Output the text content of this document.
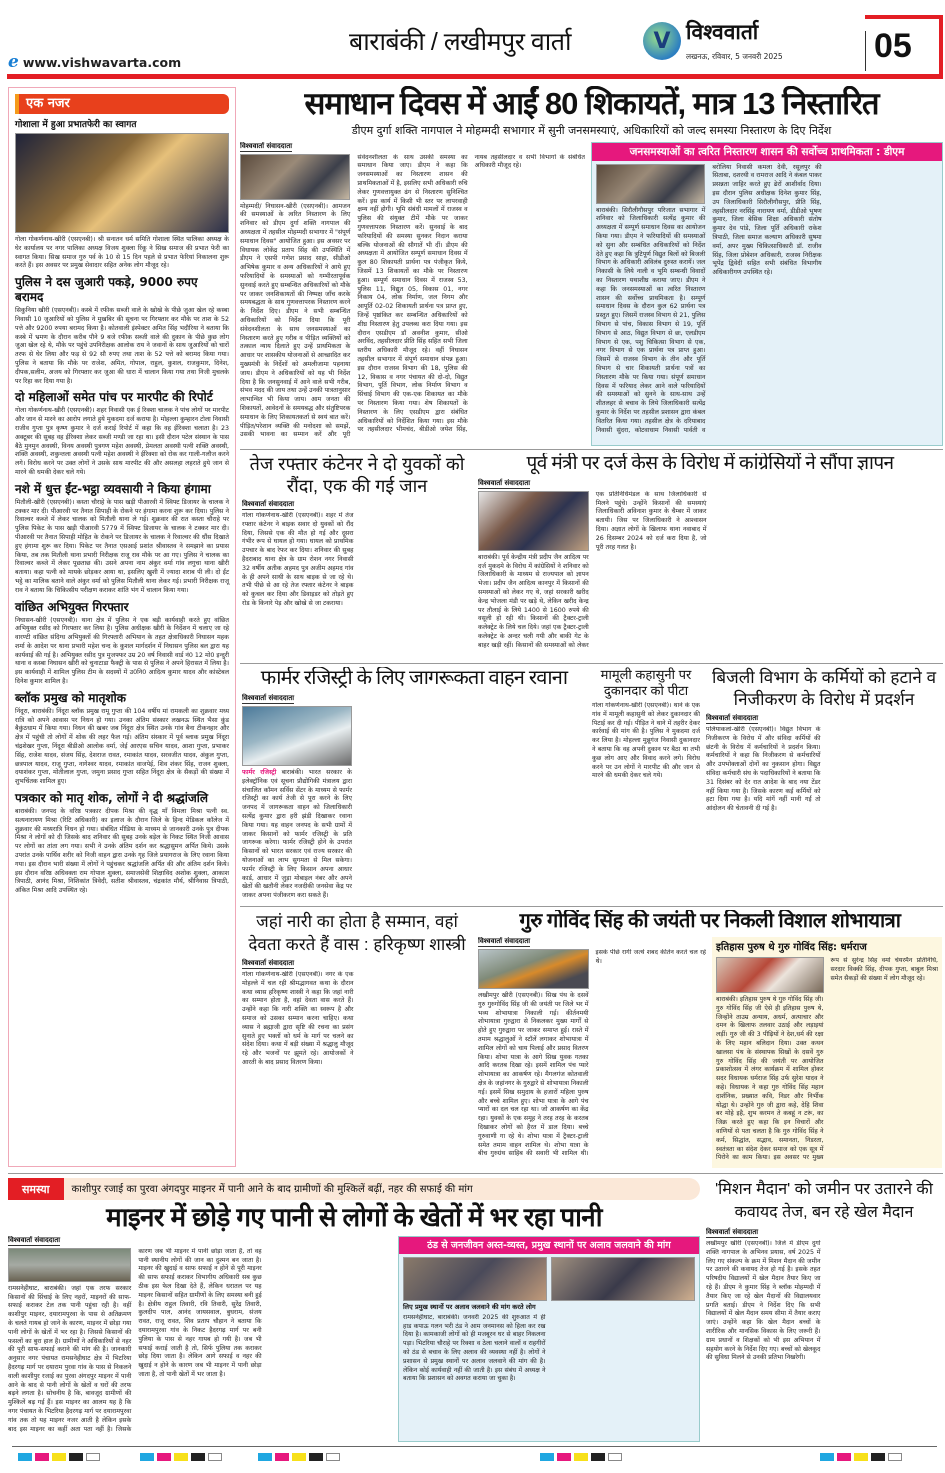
e www.vishwavarta.com
बाराबंकी / लखीमपुर वार्ता	V विश्ववार्ता
लखनऊ, रविवार, 5 जनवरी 2025	05
एक नजर
गोशाला में हुआ प्रभातफेरी का स्वागत
गोला गोकर्णनाथ-खीरी (एसएनबी)। श्री सनातन धर्म समिति गोशाला स्थित पालिका अध्यक्ष के घेर कार्यालय पर नगर पालिका अध्यक्ष विजय शुक्ला रिंकू ने सिख समाज की प्रभात फेरी का स्वागत किया। सिख समाज गुरु पर्व के 10 से 15 दिन पहले से प्रभात फेरियां निकालना शुरू करते हैं। इस अवसर पर प्रमुख सेवादार सहित अनेक लोग मौजूद रहे।
पुलिस ने दस जुआरी पकड़े, 9000 रुपए बरामद
सिकुनिया खीरी (एसएनबी)। कस्बे में रफीक सब्जी वाले के खोखे के पीछे जुआ खेल रहे कस्बा निवासी 10 जुआरियों को पुलिस ने मुखबिर की सूचना पर गिरफ्तार कर मौके पर ताश के 52 पत्ते और 9200 रुपया बरामद किया है। कोतवाली इंस्पेक्टर अमित सिंह भदौरिया ने बताया कि कस्बे में भ्रमण के दौरान करीब पौने 9 बजे रफीक सब्जी वाले की दुकान के पीछे कुछ लोग जुआ खेल रहे थे, मौके पर पहुंचे उपनिरीक्षक आलोक राय ने जवानों के साथ जुआरियों को चारों तरफ से घेर लिया और फड़ से 92 सौ रुपए तथा ताश के 52 पत्ते को बरामद किया गया। पुलिस ने बताया कि मौके पर राजेश, अमित, गोपाल, राहुल, कुशल, राजकुमार, दिनेश, दीपक,सलीम, अजय को गिरफ्तार कर जुआ की धारा में चालान किया गया तथा निजी मुचलके पर रिहा कर दिया गया है।
दो महिलाओं समेत पांच पर मारपीट की रिपोर्ट
गोला गोकर्णनाथ-खीरी (एसएनबी)। शहर निवासी एक ई रिक्शा चालक ने पांच लोगों पर मारपीट और जान से मारने का आरोप लगाते हुये मुकदमा दर्ज कराया है। मोहल्ला कुम्हारन टोला निवासी राजीव गुप्ता पुत्र कृष्ण कुमार ने दर्ज कराई रिपोर्ट में कहा कि वह ईरिक्शा चलाता है। 23 अक्टूबर की सुबह वह ईरिक्शा लेकर सब्जी मण्डी जा रहा था। इसी दौरान पटेल संस्थान के पास बैठे मुनमुन अवस्थी, विनय अवस्थी पुत्रगण महेश अवस्थी, प्रेमलता अवस्थी पत्नी शक्ति अवस्थी, शक्ति अवस्थी, शकुन्तला अवस्थी पत्नी महेश अवस्थी ने ईरिक्शा को रोक कर गाली-गलौज करने लगे। विरोध करने पर उक्त लोगों ने उसके साथ मारपीट की और असलहा लहराते हुये जान से मारने की धमकी देकर चले गये।
नशे में धुत्त ईंट-भट्ठा व्यवसायी ने किया हंगामा
मितौली-खीरी (एसएनबी)। कस्ता चौराहे के पास खड़ी पीआरवी में स्विफ्ट डिजायर के चालक ने टक्कर मार दी। पीआरवी पर तैनात सिपाही के रोकने पर हंगामा करना शुरू कर दिया। पुलिस ने रिवाल्वर कब्जे में लेकर चालक को मितौली थाना ले गई। शुक्रवार की रात कस्ता चौराहे पर पुलिस पिकेट के पास खड़ी पीआरवी 5779 में स्विफ्ट डिजायर के चालक ने टक्कर मार दी। पीआरवी पर तैनात सिपाही मोहित के रोकने पर डिजायर के चालक ने रिवाल्वर की धौंस दिखाते हुए हंगामा शुरू कर दिया। पिकेट पर तैनात एसआई प्रशांत श्रीवास्तव ने समझाने का प्रयास किया, तब तक मितौली थाना प्रभारी निरीक्षक राजू राव मौके पर आ गए। पुलिस ने चालक का रिवाल्वर कब्जे में लेकर पूछताछ की। उसने अपना नाम अंकुर वर्मा गांव लगुचा थाना खीरी बताया। कहा पत्नी को मायके छोड़कर आया था, इसलिए खुशी में ज्यादा शराब पी ली। दो ईंट भट्ठे का मालिक बताने वाले अंकुर वर्मा को पुलिस मितौली थाना लेकर गई। प्रभारी निरीक्षक राजू राव ने बताया कि चिकित्सीय परीक्षण कराकर शांति भंग में चालान किया गया।
वांछित अभियुक्त गिरफ्तार
निघासन-खीरी (एसएनबी)। थाना क्षेत्र में पुलिस ने एक बड़ी कार्यवाही करते हुए वांछित अभियुक्त रसीद को गिरफ्तार कर लिया है। पुलिस अधीक्षक खीरी के निर्देशन में चलाए जा रहे वारण्टी वांछित संदिग्ध अभियुक्तों की गिरफ्तारी अभियान के तहत क्षेत्राधिकारी निघासन महक शर्मा के आदेश पर थाना प्रभारी महेश चन्द के कुशल मार्गदर्शन में निघासन पुलिस बल द्वारा यह कार्यवाई की गई है। अभियुक्त रसीद पुत्र मुजफ्फर उम्र 20 वर्ष निवासी वार्ड नं0 12 मो0 इन्दुरी थाना व कस्बा निघासन खीरी को चुनाटाडा फैक्ट्री के पास से पुलिस ने अपने हिरासत में लिया है। इस कार्यवाही में शामिल पुलिस टीम के सदस्यों में उ0नि0 आदित्य कुमार यादव और कांस्टेबल दिनेश कुमार शामिल है।
ब्लॉक प्रमुख को मातृशोक
निंदूरा, बाराबंकी। निंदूरा ब्लॉक प्रमुख रामू गुप्ता की 104 वर्षीय मां रामकली का शुक्रवार मध्य रात्रि को अपने आवास पर निधन हो गया। उनका अंतिम संस्कार लखनऊ स्थित भैसा कुंड बैकुंठधाम में किया गया। निधन की खबर जब निंदूरा क्षेत्र स्थित उनके गांव बैना टीकनहार और क्षेत्र में पहुंची तो लोगों में शोक की लहर फैल गई। अंतिम संस्कार में पूर्व ब्लाक प्रमुख निंदूरा चंद्रशेखर गुप्ता, निंदूरा बीडीओ आलोक वर्मा, जेई आरएस सचिन यादव, आशा गुप्ता, प्रभाकर सिंह, राजेश यादव, संजय सिंह, देशराज रावत, रमाकांत यादव, सरवजीत यादव, अंकुल गुप्ता, छत्रपाल यादव, राजू गुप्ता, नागेश्वर यादव, रमाकांत वाजपेई, शिव शंकर सिंह, राजन शुक्ला, दयाशंकर गुप्ता, मोतीलाल गुप्ता, जमुना प्रसाद गुप्ता सहित निंदूरा क्षेत्र के सैकड़ों की संख्या में शुभचिंतक शामिल हुए।
पत्रकार को मातृ शोक, लोगों ने दी श्रद्धांजलि
बाराबंकी। जनपद के वरिष्ठ पत्रकार दीपक मिश्रा की वृद्ध माँ विमला मिश्रा पत्नी स्व. सत्यनारायण मिश्रा (रिटि अधिकारी) का इलाज के दौरान जिले के हिन्द मेडिकल कॉलेज में शुक्रवार की मध्यरात्रि निधन हो गया। संबंधित मीडिया के माध्यम से जानकारी उनके पुत्र दीपक मिश्रा ने लोगों को दी जिसके बाद शनिवार की सुबह उनके बड़ेल के निकट स्थित निजी आवास पर लोगों का तांता लग गया। सभी ने उनके अंतिम दर्शन कर श्रद्धासुमन अर्पित किये। उसके उपरांत उनके पार्थिव शरीर को निजी वाहन द्वारा उनके गृह जिले प्रयागराज के लिए रवाना किया गया। इस दौरान भारी संख्या में लोगों ने पहुंचकर श्रद्धांजलि अर्पित की और अंतिम दर्शन किये। इस दौरान वरिष्ठ अधिवक्ता राम गोपाल शुक्ला, समाजसेवी शिक्षाविद अशोक शुक्ला, आकाश त्रिपाठी, आनंद मिश्रा, निशिकांत त्रिवेदी, सतीश श्रीवास्तव, चंद्रकांत मौर्य, श्रीनिवास त्रिपाठी, अंकित मिश्रा आदि उपस्थित रहे।
समाधान दिवस में आईं 80 शिकायतें, मात्र 13 निस्तारित
डीएम दुर्गा शक्ति नागपाल ने मोहम्मदी सभागार में सुनी जनसमस्याएं, अधिकारियों को जल्द समस्या निस्तारण के दिए निर्देश
विश्ववार्ता संवाददाता
मोहम्मदी/ निघासन-खीरी (एसएनबी)। आमजन की समस्याओं के त्वरित निस्तारण के लिए शनिवार को डीएम दुर्गा शक्ति नागपाल की अध्यक्षता में तहसील मोहम्मदी सभागार में "संपूर्ण समाधान दिवस" आयोजित हुआ। इस अवसर पर विधायक लोकेंद्र प्रताप सिंह की उपस्थिति में डीएम ने एसपी गणेश प्रसाद साहा, सीडीओ अभिषेक कुमार व अन्य अधिकारियों ने आये हुए फरियादियों के समस्याओं को गम्भीरतापूर्वक सुनवाई करते हुए सम्बन्धित अधिकारियों को मौके पर जाकर जनशिकायतों की निष्पक्ष जाँच करके समयबद्धता के साथ गुणवत्तापरक निस्तारण करने के निर्देश दिए। डीएम ने सभी सम्बन्धित अधिकारियों को निर्देश दिया कि पूरी संवेदनशीलता के साथ जनसमस्याओं का निस्तारण करते हुए गरीब व पीड़ित व्यक्तियों को तत्काल न्याय दिलाते हुए उन्हें प्राथमिकता के आधार पर शासकीय योजनाओं से आच्छादित कर मुख्यमंत्री के निर्देशों को अमलीजामा पहनाया जाय। डीएम ने अधिकारियों को यह भी निर्देश दिया है कि जनसुनवाई में आने वाले सभी गरीब, संभव मदद की जाय तथा उन्हें उनकी पात्रतानुसार लाभान्वित भी किया जाय। आम जनता की शिकायतों, आवेदनों के समयबद्ध और संतुष्टिपरक समाधान के लिए शिकायतकर्ता से स्वयं बात करें। पीड़ित/परेशान व्यक्ति की मनोदशा को समझें, उसकी भावना का सम्मान करें और पूरी संवेदनशीलता के साथ उसकी समस्या का समाधान किया जाए। डीएम ने कहा कि जनसमस्याओं का निस्तारण शासन की प्राथमिकताओं में है, इसलिए सभी अधिकारी रुचि लेकर गुणवत्तायुक्त ढंग से निस्तारण सुनिश्चित करें। इस कार्य में किसी भी स्तर पर लापरवाही क्षम्य नहीं होगी। भूमि संबंधी मामलों में राजस्व व पुलिस की संयुक्त टीमें मौके पर जाकर गुणवत्तापरक निस्तारण करें। सुनवाई के बाद फरियादियों की समस्या सुनकर निदान कराया बल्कि योजनाओं की सौगातें भी दीं। डीएम की अध्यक्षता में आयोजित सम्पूर्ण समाधान दिवस में कुल 80 शिकायती प्रार्थना पत्र पंजीकृत किये, जिसमें 13 शिकायतों का मौके पर निस्तारण हुआ। सम्पूर्ण समाधान दिवस में राजस्व 53, पुलिस 11, विद्युत 05, विकास 01, नगर निकाय 04, लोक निर्माण, जल निगम और आपूर्ति 02-02 शिकायती प्रार्थना पत्र प्राप्त हुए, जिन्हें पृष्ठांकित कर सम्बन्धित अधिकारियों को शीघ्र निस्तारण हेतु उपलब्ध करा दिया गया। इस दौरान एसडीएम डॉ अवनीश कुमार, सीओ अरविंद, तहसीलदार प्रीति सिंह सहित सभी जिला स्तरीय अधिकारी मौजूद रहे। वहीं निघासन तहसील सभागार में संपूर्ण समाधान संपन्न हुआ। इस दौरान राजस्व विभाग की 18, पुलिस की 12, विकास व नगर पंचायत की दो-दो, विद्युत विभाग, पूर्ति विभाग, लोक निर्माण विभाग व सिंचाई विभाग की एक-एक शिकायत का मौके पर निस्तारण किया गया। शेष शिकायतों के निस्तारण के लिए एसडीएम द्वारा संबंधित अधिकारियों को निर्देशित किया गया। इस मौके पर तहसीलदार भीमचंद, बीडीओ जयेश सिंह, नायब तहसीलदार व सभी विभागों के संबंधित अधिकारी मौजूद रहे।
जनसमस्याओं का त्वरित निस्तारण शासन की सर्वोच्च प्राथमिकता : डीएम
बाराबंकी। सिरौलीगौसपुर परिजात सभागार में शनिवार को जिलाधिकारी सत्येंद्र कुमार की अध्यक्षता में सम्पूर्ण समाधान दिवस का आयोजन किया गया। डीएम ने फरियादियों की समस्याओं को सुना और सम्बंधित अधिकारियों को निर्देश देते हुए कहा कि त्रुटिपूर्ण विद्युत बिलों को बिजली विभाग के अधिकारी अविलंब दुरुस्त करायें। जल निकासी के लिये नाली व भूमि सम्बन्धी विवादों का निस्तारण यथाशीघ्र कराया जाए। डीएम ने कहा कि जनसमस्याओं का त्वरित निस्तारण शासन की सर्वोच्च प्राथमिकता है। सम्पूर्ण समाधान दिवस के दौरान कुल 62 प्रार्थना पत्र प्रस्तुत हुए। जिसमें राजस्व विभाग से 21, पुलिस विभाग से पांच, विकास विभाग से 19, पूर्ति विभाग से आठ, विद्युत विभाग से छः, एलडीएम विभाग से एक, पशु चिकित्सा विभाग से एक, नगर विभाग से एक प्रार्थना पत्र प्राप्त हुआ। जिसमें से राजस्व विभाग के तीन और पूर्ति विभाग से चार शिकायती प्रार्थना पत्रों का निस्तारण मौके पर किया गया। संपूर्ण समाधान दिवस में फरियाद लेकर आने वाले फरियादियों की समस्याओं को सुनने के साथ-साथ उन्हें शीतलहर से बचाव के लिये जिलाधिकारी सत्येंद्र कुमार के निर्देश पर तहसील प्रशासन द्वारा कंबल वितरित किया गया। तहसील क्षेत्र के दरियाबाद निवासी सुंदरा, कोटवाधाम निवासी पार्वती व बरोलिया निवासी कमला देवी, रसूलपुर की सिताबा, दशरथी व रामराज आदि ने कंबल पाकर प्रसन्नता जाहिर करते हुए ढेरों आशीर्वाद दिया। इस दौरान पुलिस अधीक्षक दिनेश कुमार सिंह, उप जिलाधिकारी सिरौलीगौसपुर, प्रीति सिंह, तहसीलदार नरसिंह नारायण वर्मा, डीडीओ भूषण कुमार, जिला बेसिक शिक्षा अधिकारी संतोष कुमार देव पांडे, जिला पूर्ति अधिकारी राकेश त्रिपाठी, जिला समाज कल्याण अधिकारी सुषमा वर्मा, अपर मुख्य चिकित्साधिकारी डॉ. राजीव सिंह, जिला प्रोबेशन अधिकारी, राजस्व निरीक्षक भूपेंद्र द्विवेदी सहित सभी संबंधित विभागीय अधिकारीगण उपस्थित रहे।
तेज रफ्तार कंटेनर ने दो युवकों को रौंदा, एक की गई जान
विश्ववार्ता संवाददाता
गोला गोकर्णनाथ-खीरी (एसएनबी)। शहर में तेज रफ्तार कंटेनर ने बाइक सवार दो युवकों को रौंद दिया, जिससे एक की मौत हो गई और दूसरा गंभीर रूप से घायल हो गया। घायल को प्राथमिक उपचार के बाद रेफर कर दिया। शनिवार की सुबह हैदराबाद थाना क्षेत्र के ग्राम रोशन नगर निवासी 32 वर्षीय अतीक अहमद पुत्र अजीम अहमद गांव के ही अपने साथी के साथ बाइक से जा रहे थे। तभी पीछे से आ रहे तेज रफ्तार कंटेनर ने बाइक को कुचल कर दिया और डिवाइडर को तोड़ते हुए रोड के किनारे पेड़ और खोखे से जा टकराया।
पूर्व मंत्री पर दर्ज केस के विरोध में कांग्रेसियों ने सौंपा ज्ञापन
विश्ववार्ता संवाददाता
बाराबंकी। पूर्व केन्द्रीय मंत्री प्रदीप जैन आदित्य पर दर्ज मुकदमे के विरोध में कांग्रेसियों ने शनिवार को जिलाधिकारी के माध्यम से राज्यपाल को ज्ञापन भेजा। प्रदीप जैन आदित्य कानपुर में किसानों की समस्याओं को लेकर गए थे, जहां सरकारी खरीद केन्द्र भोजला मंडी पर खड़े थे, लेकिन खरीद केन्द्र पर तौलाई के लिये 1400 से 1600 रुपये की वसूली हो रही थी। किसानों की ट्रैक्टर-ट्राली कलेक्ट्रेट के लिये चल दिये। जहां एक ट्रैक्टर-ट्राली कलेक्ट्रेट के अन्दर चली गयी और बाकी गेट के बाहर खड़ी रहीं। किसानों की समस्याओं को लेकर एक प्रतिनिधिमंडल के साथ जिलाधिकारी से मिलने पहुंचे। उन्होंने किसानों की समस्याएं जिलाधिकारी अविनाश कुमार के चैम्बर में जाकर बतायी। जिस पर जिलाधिकारी ने आश्वासन दिया। अज्ञात लोगों के खिलाफ थाना नवाबाद में 26 दिसम्बर 2024 को दर्ज करा दिया है, जो पूरी तरह गलत है।
फार्मर रजिस्ट्री के लिए जागरूकता वाहन रवाना
विश्ववार्ता संवाददाता
फार्मर रजिस्ट्री बाराबंकी। भारत सरकार के इलेक्ट्रॉनिक एवं सूचना प्रौद्योगिकी मंत्रालय द्वारा संचालित कॉमन सर्विस सेंटर के माध्यम से फार्मर रजिस्ट्री का कार्य तेजी से पूरा करने के लिए जनपद में जागरूकता वाहन को जिलाधिकारी सत्येंद्र कुमार द्वारा हरी झंडी दिखाकर रवाना किया गया। यह वाहन जनपद के सभी ग्रामों में जाकर किसानों को फार्मर रजिस्ट्री के प्रति जागरूक करेगा। फार्मर रजिस्ट्री होने के उपरांत किसानों को भारत सरकार एवं राज्य सरकार की योजनाओं का लाभ सुगमता से मिल सकेगा। फार्मर रजिस्ट्री के लिए किसान अपना आधार कार्ड, आधार में जुड़ा मोबाइल नंबर और अपने खेतों की खतौनी लेकर नजदीकी जनसेवा केंद्र पर जाकर अपना पंजीकरण करा सकते हैं।
मामूली कहासुनी पर दुकानदार को पीटा
गोला गोकर्णनाथ-खीरी (एसएनबी)। थाने के एक गांव में मामूली कहासुनी को लेकर दुकानदार की पिटाई कर दी गई। पीड़ित ने थाने में तहरीर देकर कार्रवाई की मांग की है। पुलिस ने मुकदमा दर्ज कर लिया है। मोहल्ला मुन्नूगंज निवासी दुकानदार ने बताया कि वह अपनी दुकान पर बैठा था तभी कुछ लोग आए और विवाद करने लगे। विरोध करने पर उन लोगों ने मारपीट की और जान से मारने की धमकी देकर चले गये।
बिजली विभाग के कर्मियों को हटाने व निजीकरण के विरोध में प्रदर्शन
विश्ववार्ता संवाददाता
पलियाकलां-खीरी (एसएनबी)। विद्युत विभाग के निजीकरण के विरोध में और संविदा कर्मियों की छंटनी के विरोध में कर्मचारियों ने प्रदर्शन किया। कर्मचारियों ने कहा कि निजीकरण से कर्मचारियों और उपभोक्ताओं दोनों का नुकसान होगा। विद्युत संविदा कर्मचारी संघ के पदाधिकारियों ने बताया कि 31 दिसंबर को देर रात आदेश के बाद नया टेंडर नहीं किया गया है। जिसके कारण कई कर्मियों को हटा दिया गया है। यदि मांगें नहीं मानी गईं तो आंदोलन की चेतावनी दी गई है।
जहां नारी का होता है सम्मान, वहां देवता करते हैं वास : हरिकृष्ण शास्त्री
विश्ववार्ता संवाददाता
गोला गोकर्णनाथ-खीरी (एसएनबी)। नगर के एक मोहल्ले में चल रही श्रीमद्भागवत कथा के दौरान कथा व्यास हरिकृष्ण शास्त्री ने कहा कि जहां नारी का सम्मान होता है, वहां देवता वास करते हैं। उन्होंने कहा कि नारी शक्ति का स्वरूप है और समाज को उसका सम्मान करना चाहिए। कथा व्यास ने ब्रह्माजी द्वारा सृष्टि की रचना का प्रसंग सुनाते हुए भक्तों को धर्म के मार्ग पर चलने का संदेश दिया। कथा में बड़ी संख्या में श्रद्धालु मौजूद रहे और भजनों पर झूमते रहे। आयोजकों ने आरती के बाद प्रसाद वितरण किया।
गुरु गोविंद सिंह की जयंती पर निकली विशाल शोभायात्रा
विश्ववार्ता संवाददाता
लखीमपुर खीरी (एसएनबी)। सिख पंथ के दसवें गुरु गुरुगोविंद सिंह जी की जयंती पर जिले भर में भव्य शोभायात्रा निकाली गई। कीर्तनमयी शोभायात्रा गुरुद्वारा से निकलकर मुख्य मार्गों से होते हुए गुरुद्वारा पर जाकर समाप्त हुई। रास्ते में तमाम श्रद्धालुओं ने स्टॉलें लगाकर शोभायात्रा में शामिल लोगों को चाय पिलाई और प्रसाद वितरण किया। शोभा यात्रा के आगे सिख युवक गतका आदि करतब दिखा रहे। इसमें शामिल पंच प्यारे शोभायात्रा का आकर्षण रहे। मैगलगंज कोतवाली क्षेत्र के जहांनगर के गुरुद्वारे से शोभायात्रा निकाली गई। इसमें सिख समुदाय के हजारों महिला पुरुष और बच्चे शामिल हुए। शोभा यात्रा के आगे पंच प्यारों का दल चल रहा था। जो आकर्षण का केंद्र रहा। युवकों के एक समूह ने तरह तरह के करतब दिखाकर लोगों को हैरत में डाल दिया। बच्चे गुरुवाणी गा रहे थे। शोभा यात्रा में ट्रैक्टर-ट्राली समेत तमाम वाहन शामिल थे। शोभा यात्रा के बीच गुरुग्रंथ साहिब की सवारी भी शामिल थी। इसके पीछे रागी जत्थे शबद कीर्तन करते चल रहे थे।
इतिहास पुरुष थे गुरु गोविंद सिंह: धर्मराज
बाराबंकी। इतिहास पुरुष थे गुरु गोविंद सिंह जी। गुरु गोविंद सिंह जी ऐसे ही इतिहास पुरुष थे, जिन्होंने ताउम्र अन्याय, अधर्म, अत्याचार और दमन के खिलाफ तलवार उठाई और लड़ाइयां लड़ीं। गुरु जी की 3 पीढ़ियों ने देश,धर्म की रक्षा के लिए महान बलिदान दिया। उक्त कथन खालसा पंथ के संस्थापक सिखों के दसवें गुरु गुरु गोविंद सिंह की जयंती पर आयोजित प्रकाशोत्सव में लंगर कार्यक्रम में शामिल होकर सदर विधायक धर्मराज सिंह उर्फ सुरेश यादव ने कहे। विधायक ने कहा गुरु गोविंद सिंह महान दार्शनिक, प्रख्यात कवि, निडर और निर्भीक योद्धा थे। उन्होंने गुरु जी द्वारा कहे, देहि शिवा बर मोहे इहै, शुभ करमन ते कबहूं न टरूं, का जिक्र करते हुए कहा कि इन विचारों और वाणियों से पता चलता है कि गुरु गोविंद सिंह ने कर्म, सिद्धांत, सद्भाव, समानता, निडरता, स्वतंत्रता का संदेश देकर समाज को एक सूत्र में पिरोने का काम किया। इस अवसर पर मुख्य रूप से सुरेन्द्र सिंह वर्मा चेयरमैन प्रतिनिधि, सरदार विक्की सिंह, दीपक गुप्ता, बाबुल मिश्रा समेत सैकड़ों की संख्या में लोग मौजूद रहे।
समस्या	काशीपुर रजाई का पुरवा अंगदपुर माइनर में पानी आने के बाद ग्रामीणों की मुश्किलें बढ़ीं, नहर की सफाई की मांग
माइनर में छोड़े गए पानी से लोगों के खेतों में भर रहा पानी
विश्ववार्ता संवाददाता
रामसनेहीघाट, बाराबंकी। जहां एक तरफ सरकार किसानों की सिंचाई के लिए नहरों, माइनरों की साफ-सफाई कराकर टेल तक पानी पहुंचा रही है। वहीं काशीपुर माइनर, दयारामपुरवा के पास से अतिक्रमण के चलते गायब हो जाने के कारण, माइनर में छोड़ा गया पानी लोगों के खेतों में भर रहा है। जिससे किसानों की फसलों का बुरा हाल है। ग्रामीणों ने अधिकारियों से नहर की पूरी साफ-सफाई कराने की मांग की है। जानकारी अनुसार नगर पंचायत रामसनेहीघाट क्षेत्र में भिटरिया हैदरगढ़ मार्ग पर दयाराम पुरवा गांव के पास से निकलने वाली काशीपुर रजाई का पुरवा अंगदपुर माइनर में पानी आने के बाद से पानी लोगों के खेतों व घरों की तरफ बढ़ने लगता है। सोचनीय है कि, बावजूद ग्रामीणों की मुश्किलें बढ़ गई हैं। इस माइनर का आलम यह है कि नगर पंचायत के भिटरिया हैदरगढ़ मार्ग पर दयारामपुरवा गांव तक तो यह माइनर नजर आती है लेकिन इसके बाद इस माइनर का कहीं अता पता नहीं है। जिसके कारण जब भी माइनर में पानी छोड़ा जाता है, तो वह पानी स्थानीय लोगों की जान का दुश्मन बन जाता है। माइनर की खुदाई व साफ सफाई न होने से पूरी माइनर की साफ सफाई कराकर विभागीय अधिकारी सब कुछ ठीक इस फेल दिखा देते हैं, लेकिन धरातल पर यह माइनर किसानों सहित ग्रामीणों के लिए समस्या बनी हुई है। क्षेत्रीय राहुल तिवारी, रवि तिवारी, सुरेंद्र तिवारी, कुलदीप पाल, आनंद जायसवाल, बुधराम, संजय रावत, राजू रावत, शिव प्रताप चौहान ने बताया कि दयारामपुरवा गांव के निकट हैदरगढ़ मार्ग पर बनी पुलिया के पास से नहर गायब हो गयी है। जब भी सफाई कराई जाती है तो, सिर्फ पुलिया तक कराकर छोड़ दिया जाता है। लेकिन आगे सफाई व नहर की खुदाई न होने के कारण जब भी माइनर में पानी छोड़ा जाता है, तो पानी खेतों में भर जाता है।
ठंड से जनजीवन अस्त-व्यस्त, प्रमुख स्थानों पर अलाव जलवाने की मांग
लिए प्रमुख स्थानों पर अलाव जलवाने की मांग करते लोग
रामसनेहीघाट, बाराबंकी। जनवरी 2025 की शुरुआत में ही हाड कपाऊ गलन भरी ठंड ने आम जनमानस को हिला कर रख दिया है। कामकाजी लोगों को ही मजबूरन घर से बाहर निकलना पड़ा। भिटरिया चौराहे पर रिक्शा व ठेला चलाने वालों व राहगीरों को ठंड से बचाव के लिए अलाव की व्यवस्था नहीं है। लोगों ने प्रशासन से प्रमुख स्थानों पर अलाव जलवाने की मांग की है। लेकिन कोई कार्यवाही नहीं की जाती है। इस संबंध में अध्यक्ष ने बताया कि प्रशासन को अवगत कराया जा चुका है।
'मिशन मैदान' को जमीन पर उतारने की कवायद तेज, बन रहे खेल मैदान
विश्ववार्ता संवाददाता
लखीमपुर खीरी (एसएनबी)। जिले में डीएम दुर्गा शक्ति नागपाल के अभिनव प्रयास, वर्ष 2025 में लिए गए संकल्प के क्रम में मिशन मैदान की जमीन पर उतारने की कवायद तेज हो गई है। इसके तहत परिषदीय विद्यालयों में खेल मैदान तैयार किए जा रहे हैं। डीएम ने कुमार सिंह ने ब्लॉक मोहम्मदी में तैयार किए जा रहे खेल मैदानों की विद्यालयवार प्रगति बताई। डीएम ने निर्देश दिए कि सभी विद्यालयों में खेल मैदान समय सीमा में तैयार कराए जाएं। उन्होंने कहा कि खेल मैदान बच्चों के शारीरिक और मानसिक विकास के लिए जरूरी हैं। ग्राम प्रधानों व शिक्षकों को भी इस अभियान में सहयोग करने के निर्देश दिए गए। बच्चों को खेलकूद की सुविधा मिलने से उनकी प्रतिभा निखरेगी।
